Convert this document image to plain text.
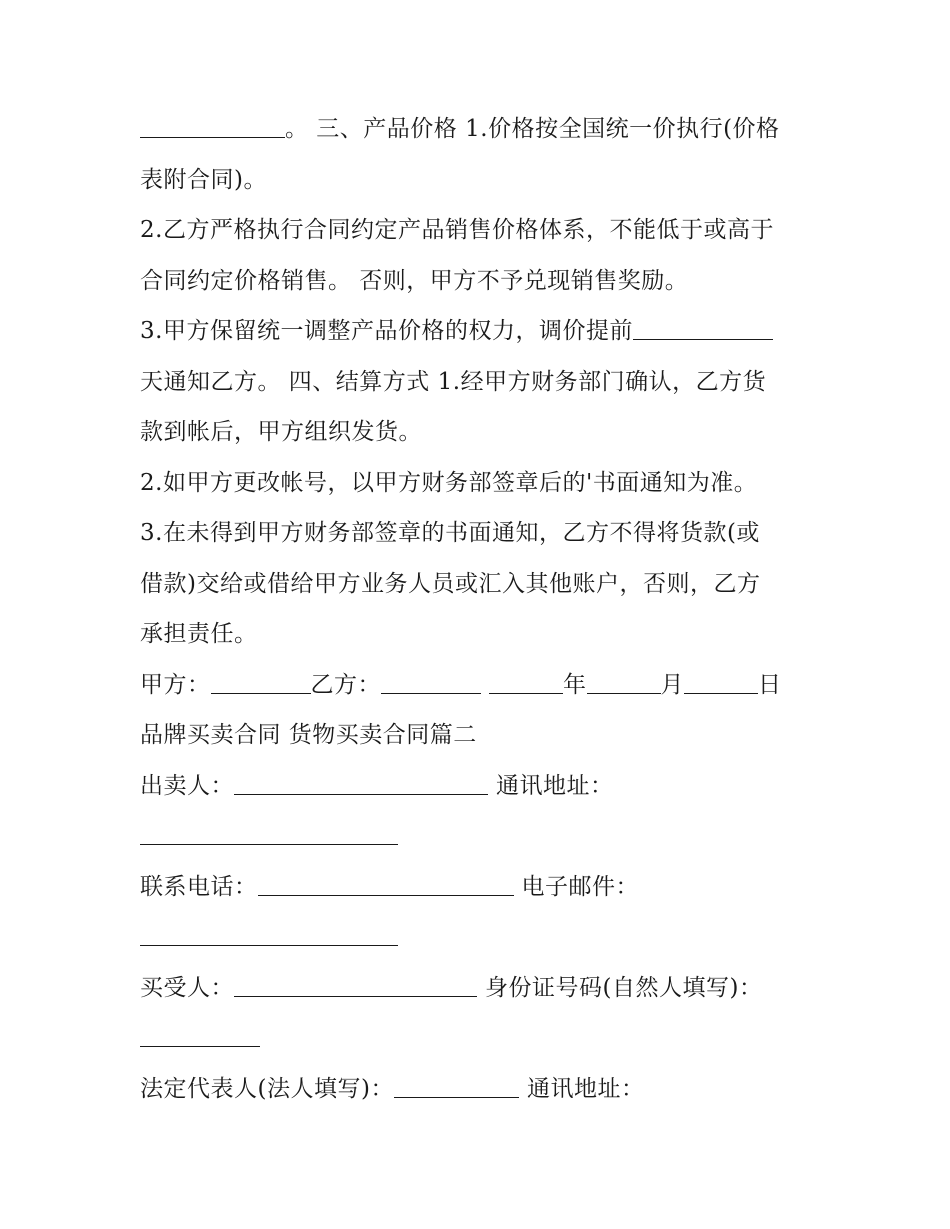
。 三、产品价格 1.价格按全国统一价执行(价格
表附合同)。
2.乙方严格执行合同约定产品销售价格体系，不能低于或高于
合同约定价格销售。 否则，甲方不予兑现销售奖励。
3.甲方保留统一调整产品价格的权力，调价提前
天通知乙方。 四、结算方式 1.经甲方财务部门确认，乙方货
款到帐后，甲方组织发货。
2.如甲方更改帐号，以甲方财务部签章后的'书面通知为准。
3.在未得到甲方财务部签章的书面通知，乙方不得将货款(或
借款)交给或借给甲方业务人员或汇入其他账户，否则，乙方
承担责任。
甲方：	乙方：	年	月	日
品牌买卖合同 货物买卖合同篇二
出卖人：	通讯地址：
联系电话：	电子邮件：
买受人：	身份证号码(自然人填写)：
法定代表人(法人填写)：	通讯地址：
